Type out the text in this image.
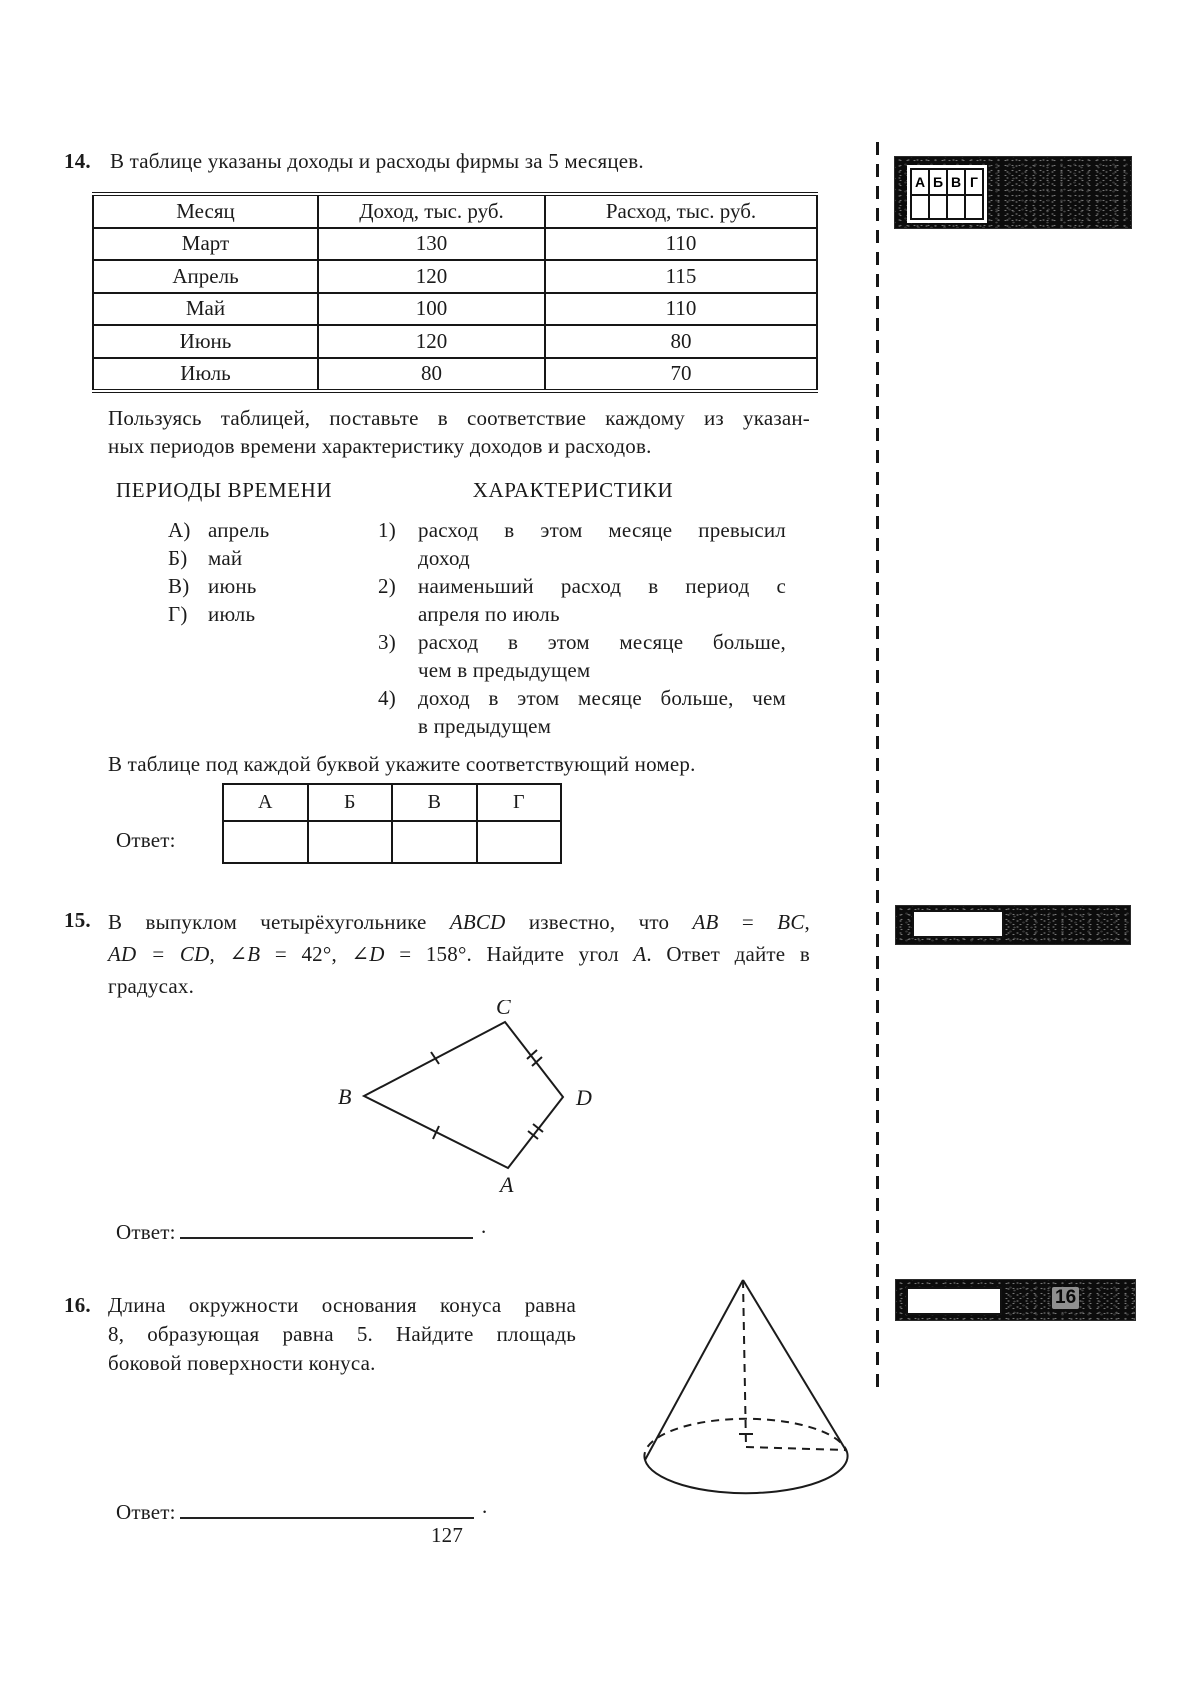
14. В таблице указаны доходы и расходы фирмы за 5 месяцев.
Месяц	Доход, тыс. руб.	Расход, тыс. руб.
Март	130	110
Апрель	120	115
Май	100	110
Июнь	120	80
Июль	80	70
Пользуясь таблицей, поставьте в соответствие каждому из указан-
ных периодов времени характеристику доходов и расходов.
ПЕРИОДЫ ВРЕМЕНИ	ХАРАКТЕРИСТИКИ
А) апрель
Б) май
В) июнь
Г) июль
1) расход в этом месяце превысил
доход
2) наименьший расход в период с
апреля по июль
3) расход в этом месяце больше,
чем в предыдущем
4) доход в этом месяце больше, чем
в предыдущем
В таблице под каждой буквой укажите соответствующий номер.
Ответ:
А	Б	В	Г

15. В выпуклом четырёхугольнике ABCD известно, что AB = BC,
AD = CD, ∠B = 42°, ∠D = 158°. Найдите угол A. Ответ дайте в
градусах.
C
B	D
A
Ответ:	.
16. Длина окружности основания конуса равна
8, образующая равна 5. Найдите площадь
боковой поверхности конуса.
Ответ:	.
127
А	Б	В	Г

16
